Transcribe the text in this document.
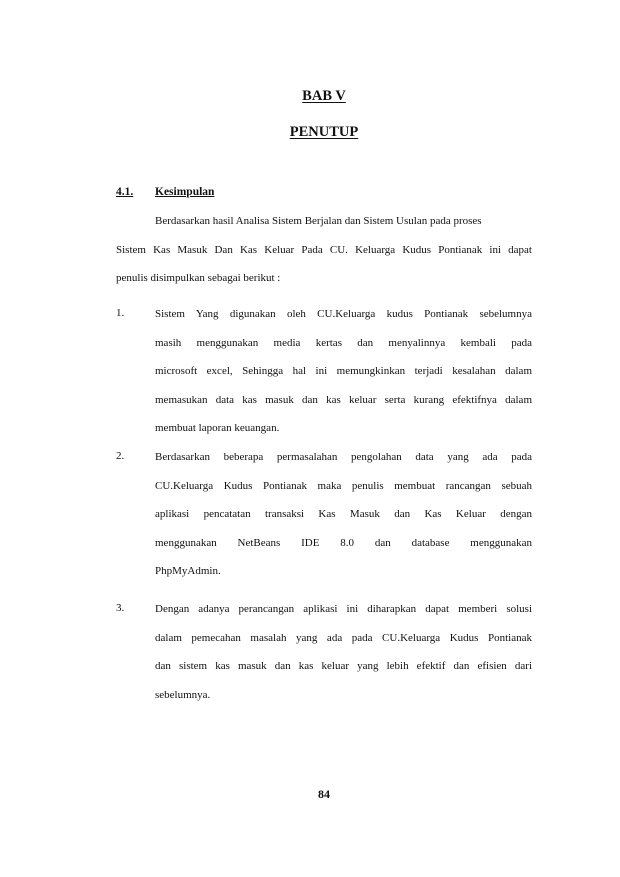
BAB V
PENUTUP
4.1. Kesimpulan
Berdasarkan hasil Analisa Sistem Berjalan dan Sistem Usulan pada proses
Sistem Kas Masuk Dan Kas Keluar Pada CU. Keluarga Kudus Pontianak ini dapat
penulis disimpulkan sebagai berikut :
1.	Sistem Yang digunakan oleh CU.Keluarga kudus Pontianak sebelumnya
masih menggunakan media kertas dan menyalinnya kembali pada
microsoft excel, Sehingga hal ini memungkinkan terjadi kesalahan dalam
memasukan data kas masuk dan kas keluar serta kurang efektifnya dalam
membuat laporan keuangan.
2.	Berdasarkan beberapa permasalahan pengolahan data yang ada pada
CU.Keluarga Kudus Pontianak maka penulis membuat rancangan sebuah
aplikasi pencatatan transaksi Kas Masuk dan Kas Keluar dengan
menggunakan NetBeans IDE 8.0 dan database menggunakan
PhpMyAdmin.
3.	Dengan adanya perancangan aplikasi ini diharapkan dapat memberi solusi
dalam pemecahan masalah yang ada pada CU.Keluarga Kudus Pontianak
dan sistem kas masuk dan kas keluar yang lebih efektif dan efisien dari
sebelumnya.
84
